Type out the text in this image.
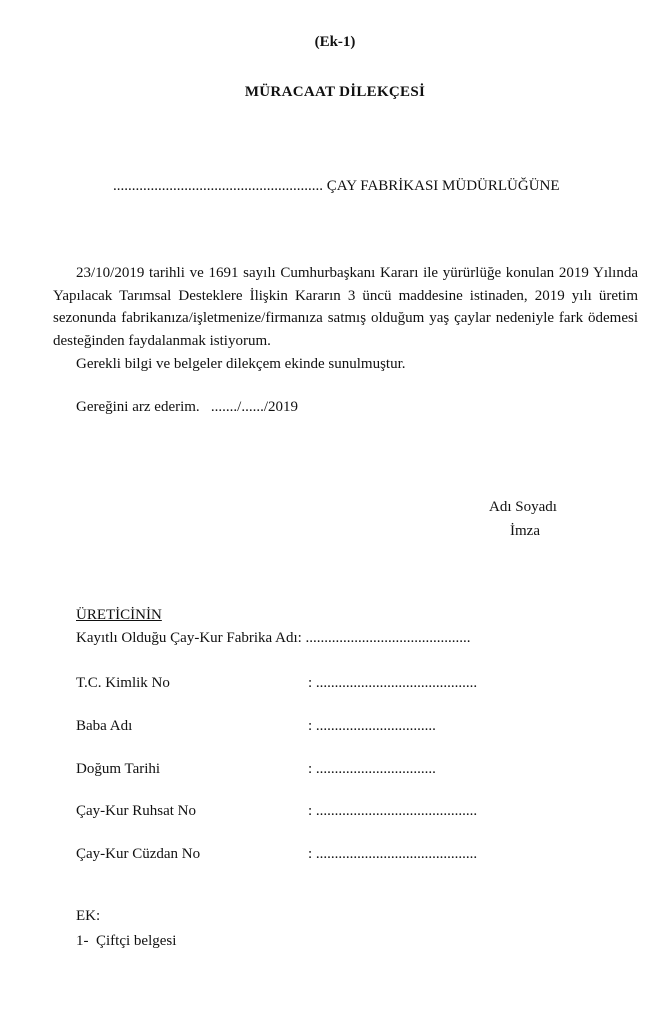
(Ek-1)
MÜRACAAT DİLEKÇESİ
........................................................ ÇAY FABRİKASI MÜDÜRLÜĞÜNE
23/10/2019 tarihli ve 1691 sayılı Cumhurbaşkanı Kararı ile yürürlüğe konulan 2019 Yılında Yapılacak Tarımsal Desteklere İlişkin Kararın 3 üncü maddesine istinaden, 2019 yılı üretim sezonunda fabrikanıza/işletmenize/firmanıza satmış olduğum yaş çaylar nedeniyle fark ödemesi desteğinden faydalanmak istiyorum.
Gerekli bilgi ve belgeler dilekçem ekinde sunulmuştur.
Gereğini arz ederim.   ......./....../2019
Adı Soyadı
İmza
ÜRETİCİNİN
Kayıtlı Olduğu Çay-Kur Fabrika Adı: ............................................
T.C. Kimlik No	: ...........................................
Baba Adı	: ................................
Doğum Tarihi	: ................................
Çay-Kur Ruhsat No	: ...........................................
Çay-Kur Cüzdan No	: ...........................................
EK:
1-  Çiftçi belgesi
